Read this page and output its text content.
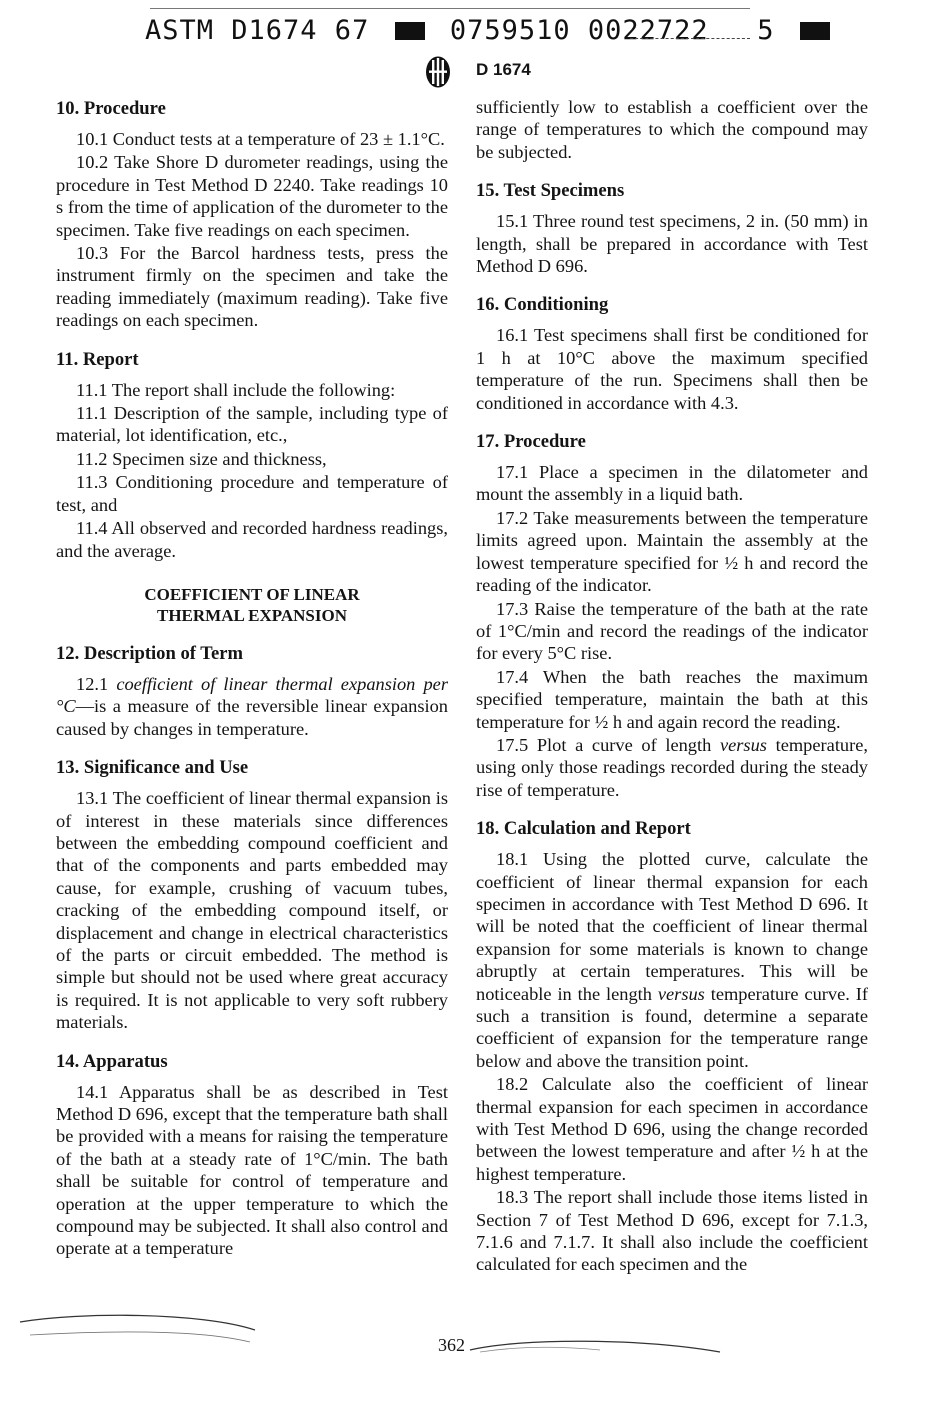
ASTM D1674 67	0759510 0022722 5
D 1674
10. Procedure

10.1 Conduct tests at a temperature of 23 ± 1.1°C.

10.2 Take Shore D durometer readings, using the procedure in Test Method D 2240. Take readings 10 s from the time of application of the durometer to the specimen. Take five readings on each specimen.

10.3 For the Barcol hardness tests, press the instrument firmly on the specimen and take the reading immediately (maximum reading). Take five readings on each specimen.

11. Report

11.1 The report shall include the following:

11.1 Description of the sample, including type of material, lot identification, etc.,

11.2 Specimen size and thickness,

11.3 Conditioning procedure and temperature of test, and

11.4 All observed and recorded hardness readings, and the average.

COEFFICIENT OF LINEAR
THERMAL EXPANSION
12. Description of Term

12.1 coefficient of linear thermal expansion per °C—is a measure of the reversible linear expansion caused by changes in temperature.

13. Significance and Use

13.1 The coefficient of linear thermal expansion is of interest in these materials since differences between the embedding compound coefficient and that of the components and parts embedded may cause, for example, crushing of vacuum tubes, cracking of the embedding compound itself, or displacement and change in electrical characteristics of the parts or circuit embedded. The method is simple but should not be used where great accuracy is required. It is not applicable to very soft rubbery materials.

14. Apparatus

14.1 Apparatus shall be as described in Test Method D 696, except that the temperature bath shall be provided with a means for raising the temperature of the bath at a steady rate of 1°C/min. The bath shall be suitable for control of temperature and operation at the upper temperature to which the compound may be subjected. It shall also control and operate at a temperature

sufficiently low to establish a coefficient over the range of temperatures to which the compound may be subjected.

15. Test Specimens

15.1 Three round test specimens, 2 in. (50 mm) in length, shall be prepared in accordance with Test Method D 696.

16. Conditioning

16.1 Test specimens shall first be conditioned for 1 h at 10°C above the maximum specified temperature of the run. Specimens shall then be conditioned in accordance with 4.3.

17. Procedure

17.1 Place a specimen in the dilatometer and mount the assembly in a liquid bath.

17.2 Take measurements between the temperature limits agreed upon. Maintain the assembly at the lowest temperature specified for ½ h and record the reading of the indicator.

17.3 Raise the temperature of the bath at the rate of 1°C/min and record the readings of the indicator for every 5°C rise.

17.4 When the bath reaches the maximum specified temperature, maintain the bath at this temperature for ½ h and again record the reading.

17.5 Plot a curve of length versus temperature, using only those readings recorded during the steady rise of temperature.

18. Calculation and Report

18.1 Using the plotted curve, calculate the coefficient of linear thermal expansion for each specimen in accordance with Test Method D 696. It will be noted that the coefficient of linear thermal expansion for some materials is known to change abruptly at certain temperatures. This will be noticeable in the length versus temperature curve. If such a transition is found, determine a separate coefficient of expansion for the temperature range below and above the transition point.

18.2 Calculate also the coefficient of linear thermal expansion for each specimen in accordance with Test Method D 696, using the change recorded between the lowest temperature and after ½ h at the highest temperature.

18.3 The report shall include those items listed in Section 7 of Test Method D 696, except for 7.1.3, 7.1.6 and 7.1.7. It shall also include the coefficient calculated for each specimen and the

362
